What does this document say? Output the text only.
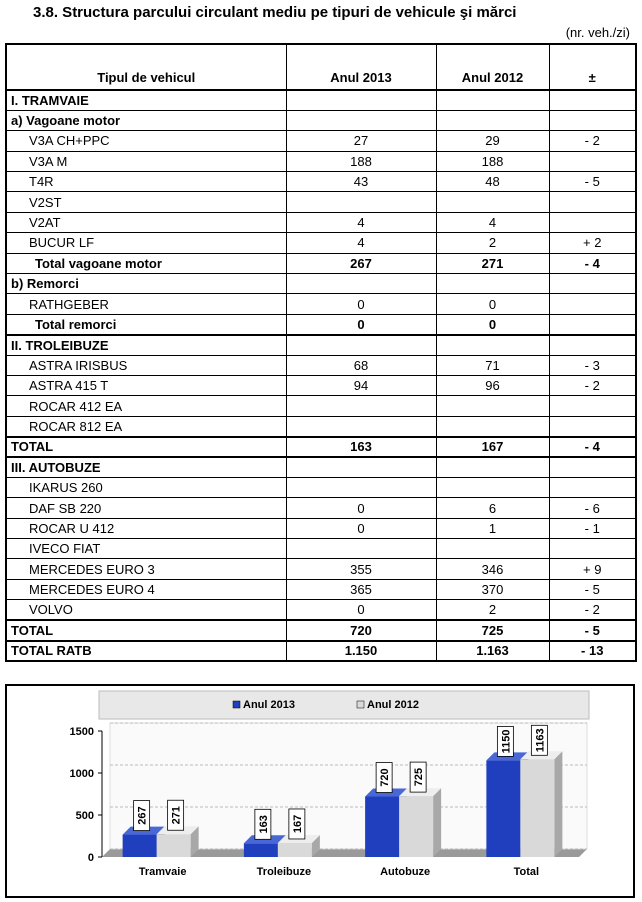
3.8. Structura parcului circulant mediu pe tipuri de vehicule şi mărci
(nr. veh./zi)
Tipul de vehicul	Anul 2013	Anul 2012	±
I. TRAMVAIE			
a) Vagoane motor			
V3A CH+PPC	27	29	- 2
V3A M	188	188	
T4R	43	48	- 5
V2ST			
V2AT	4	4	
BUCUR LF	4	2	+ 2
Total vagoane motor	267	271	- 4
b) Remorci			
RATHGEBER	0	0	
Total remorci	0	0	
II. TROLEIBUZE			
ASTRA IRISBUS	68	71	- 3
ASTRA 415 T	94	96	- 2
ROCAR 412 EA			
ROCAR 812 EA			
TOTAL	163	167	- 4
III. AUTOBUZE			
IKARUS 260			
DAF SB 220	0	6	- 6
ROCAR U 412	0	1	- 1
IVECO FIAT			
MERCEDES EURO 3	355	346	+ 9
MERCEDES EURO 4	365	370	- 5
VOLVO	0	2	- 2
TOTAL	720	725	- 5
TOTAL RATB	1.150	1.163	- 13
Anul 2013	Anul 2012
0
500
1000
1500
267 271
Tramvaie
163 167
Troleibuze
720 725
Autobuze
1150 1163
Total
